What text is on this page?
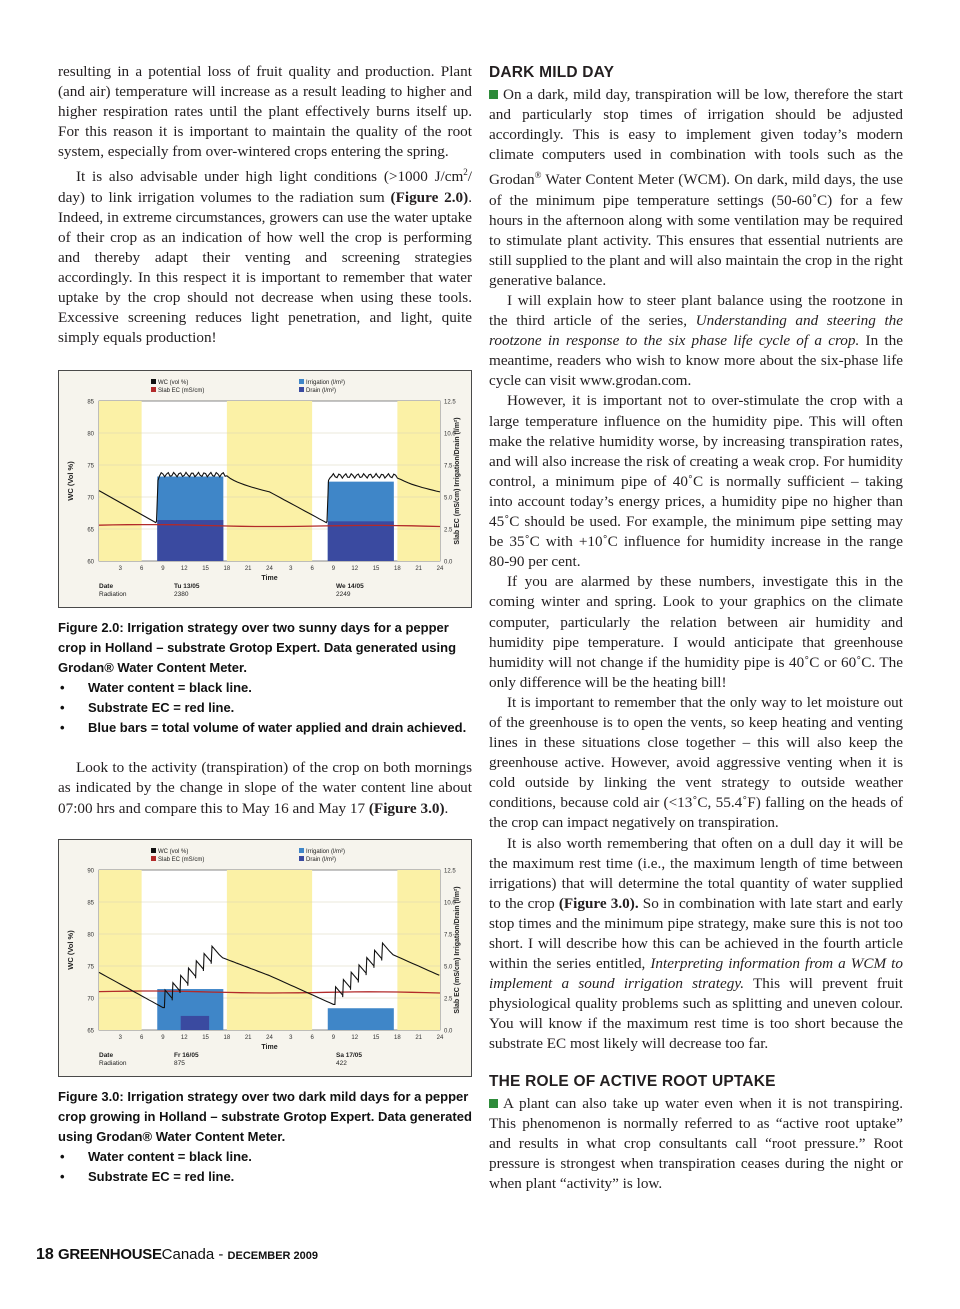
resulting in a potential loss of fruit quality and production. Plant (and air) temperature will increase as a result leading to higher and higher respiration rates until the plant effectively burns itself up. For this reason it is important to maintain the quality of the root system, especially from over-wintered crops entering the spring.

It is also advisable under high light conditions (>1000 $J/cm^2/$ day) to link irrigation volumes to the radiation sum (Figure 2.0). Indeed, in extreme circumstances, growers can use the water uptake of their crop as an indication of how well the crop is performing and thereby adapt their venting and screening strategies accordingly. In this respect it is important to remember that water uptake by the crop should not decrease when using these tools. Excessive screening reduces light penetration, and light, quite simply equals production!

85
80
75
70
65
60
12.5
10.0
7.5
5.0
2.5
0.0
3	6	9	12 15 18 21 24	3	6	9	12 15 18 21 24
Time
WC (Vol %)	Slab EC (mS/cm) Irrigation/Drain (l/m²)
WC (vol %)
Slab EC (mS/cm)
Irrigation (l/m²)
Drain (l/m²)
Date
Radiation
Tu 13/05
2380
We 14/05
2249

Figure 2.0: Irrigation strategy over two sunny days for a pepper crop in Holland – substrate Grotop Expert. Data generated using Grodan® Water Content Meter.

• Water content = black line.
• Substrate EC = red line.
• Blue bars = total volume of water applied and drain achieved.

Look to the activity (transpiration) of the crop on both mornings as indicated by the change in slope of the water content line about 07:00 hrs and compare this to May 16 and May 17 (Figure 3.0).

90
85
80
75
70
65
12.5
10.0
7.5
5.0
2.5
0.0
3	6	9	12 15 18 21 24	3	6	9	12 15 18 21 24
Time
WC (Vol %)	Slab EC (mS/cm) Irrigation/Drain (l/m²)
WC (vol %)
Slab EC (mS/cm)
Irrigation (l/m²)
Drain (l/m²)
Date
Radiation
Fr 16/05
875
Sa 17/05
422

Figure 3.0: Irrigation strategy over two dark mild days for a pepper crop growing in Holland – substrate Grotop Expert. Data generated using Grodan® Water Content Meter.

• Water content = black line.
• Substrate EC = red line.
DARK MILD DAY

On a dark, mild day, transpiration will be low, therefore the start and particularly stop times of irrigation should be adjusted accordingly. This is easy to implement given today’s modern climate computers used in combination with tools such as the Grodan® Water Content Meter (WCM). On dark, mild days, the use of the minimum pipe temperature settings (50-60˚C) for a few hours in the afternoon along with some ventilation may be required to stimulate plant activity. This ensures that essential nutrients are still supplied to the plant and will also maintain the crop in the right generative balance.

I will explain how to steer plant balance using the rootzone in the third article of the series, Understanding and steering the rootzone in response to the six phase life cycle of a crop. In the meantime, readers who wish to know more about the six-phase life cycle can visit www.grodan.com.

However, it is important not to over-stimulate the crop with a large temperature influence on the humidity pipe. This will often make the relative humidity worse, by increasing transpiration rates, and will also increase the risk of creating a weak crop. For humidity control, a minimum pipe of 40˚C is normally sufficient – taking into account today’s energy prices, a humidity pipe no higher than 45˚C should be used. For example, the minimum pipe setting may be 35˚C with +10˚C influence for humidity increase in the range 80-90 per cent.

If you are alarmed by these numbers, investigate this in the coming winter and spring. Look to your graphics on the climate computer, particularly the relation between air humidity and humidity pipe temperature. I would anticipate that greenhouse humidity will not change if the humidity pipe is 40˚C or 60˚C. The only difference will be the heating bill!

It is important to remember that the only way to let moisture out of the greenhouse is to open the vents, so keep heating and venting lines in these situations close together – this will also keep the greenhouse active. However, avoid aggressive venting when it is cold outside by linking the vent strategy to outside weather conditions, because cold air (<13˚C, 55.4˚F) falling on the heads of the crop can impact negatively on transpiration.

It is also worth remembering that often on a dull day it will be the maximum rest time (i.e., the maximum length of time between irrigations) that will determine the total quantity of water supplied to the crop (Figure 3.0). So in combination with late start and early stop times and the minimum pipe strategy, make sure this is not too short. I will describe how this can be achieved in the fourth article within the series entitled, Interpreting information from a WCM to implement a sound irrigation strategy. This will prevent fruit physiological quality problems such as splitting and uneven colour. You will know if the maximum rest time is too short because the substrate EC most likely will decrease too far.

THE ROLE OF ACTIVE ROOT UPTAKE

A plant can also take up water even when it is not transpiring. This phenomenon is normally referred to as “active root uptake” and results in what crop consultants call “root pressure.” Root pressure is strongest when transpiration ceases during the night or when plant “activity” is low.

18 GREENHOUSECanada - DECEMBER 2009
